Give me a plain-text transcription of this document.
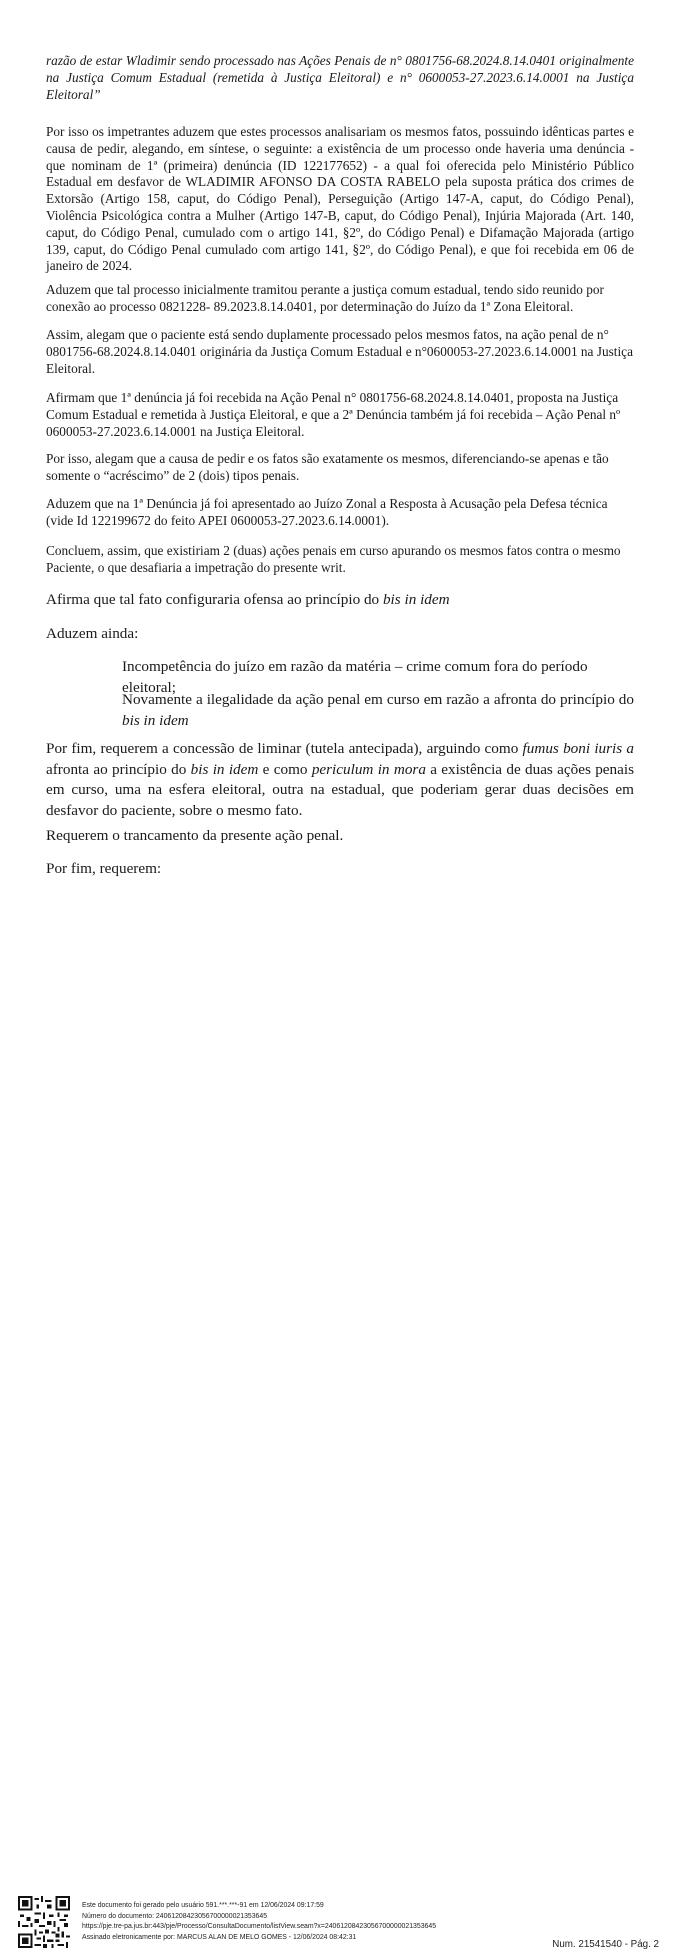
razão de estar Wladimir sendo processado nas Ações Penais de n° 0801756-68.2024.8.14.0401 originalmente na Justiça Comum Estadual (remetida à Justiça Eleitoral) e n° 0600053-27.2023.6.14.0001 na Justiça Eleitoral”

Por isso os impetrantes aduzem que estes processos analisariam os mesmos fatos, possuindo idênticas partes e causa de pedir, alegando, em síntese, o seguinte: a existência de um processo onde haveria uma denúncia - que nominam de 1ª (primeira) denúncia (ID 122177652) - a qual foi oferecida pelo Ministério Público Estadual em desfavor de WLADIMIR AFONSO DA COSTA RABELO pela suposta prática dos crimes de Extorsão (Artigo 158, caput, do Código Penal), Perseguição (Artigo 147-A, caput, do Código Penal), Violência Psicológica contra a Mulher (Artigo 147-B, caput, do Código Penal), Injúria Majorada (Art. 140, caput, do Código Penal, cumulado com o artigo 141, §2º, do Código Penal) e Difamação Majorada (artigo 139, caput, do Código Penal cumulado com artigo 141, §2º, do Código Penal), e que foi recebida em 06 de janeiro de 2024.

Aduzem que tal processo inicialmente tramitou perante a justiça comum estadual, tendo sido reunido por conexão ao processo 0821228- 89.2023.8.14.0401, por determinação do Juízo da 1ª Zona Eleitoral.

Assim, alegam que o paciente está sendo duplamente processado pelos mesmos fatos, na ação penal de n° 0801756-68.2024.8.14.0401 originária da Justiça Comum Estadual e n°0600053-27.2023.6.14.0001 na Justiça Eleitoral.

Afirmam que 1ª denúncia já foi recebida na Ação Penal n° 0801756-68.2024.8.14.0401, proposta na Justiça Comum Estadual e remetida à Justiça Eleitoral, e que a 2ª Denúncia também já foi recebida – Ação Penal nº 0600053-27.2023.6.14.0001 na Justiça Eleitoral.

Por isso, alegam que a causa de pedir e os fatos são exatamente os mesmos, diferenciando-se apenas e tão somente o “acréscimo” de 2 (dois) tipos penais.

Aduzem que na 1ª Denúncia já foi apresentado ao Juízo Zonal a Resposta à Acusação pela Defesa técnica (vide Id 122199672 do feito APEI 0600053-27.2023.6.14.0001).

Concluem, assim, que existiriam 2 (duas) ações penais em curso apurando os mesmos fatos contra o mesmo Paciente, o que desafiaria a impetração do presente writ.

Afirma que tal fato configuraria ofensa ao princípio do bis in idem

Aduzem ainda:

Incompetência do juízo em razão da matéria – crime comum fora do período eleitoral;

Novamente a ilegalidade da ação penal em curso em razão a afronta do princípio do bis in idem

Por fim, requerem a concessão de liminar (tutela antecipada), arguindo como fumus boni iuris a afronta ao princípio do bis in idem e como periculum in mora a existência de duas ações penais em curso, uma na esfera eleitoral, outra na estadual, que poderiam gerar duas decisões em desfavor do paciente, sobre o mesmo fato.

Requerem o trancamento da presente ação penal.

Por fim, requerem:

Este documento foi gerado pelo usuário 591.***.***-91 em 12/06/2024 09:17:59
Número do documento: 24061208423056700000021353645
https://pje.tre-pa.jus.br:443/pje/Processo/ConsultaDocumento/listView.seam?x=24061208423056700000021353645
Assinado eletronicamente por: MARCUS ALAN DE MELO GOMES - 12/06/2024 08:42:31
Num. 21541540 - Pág. 2
